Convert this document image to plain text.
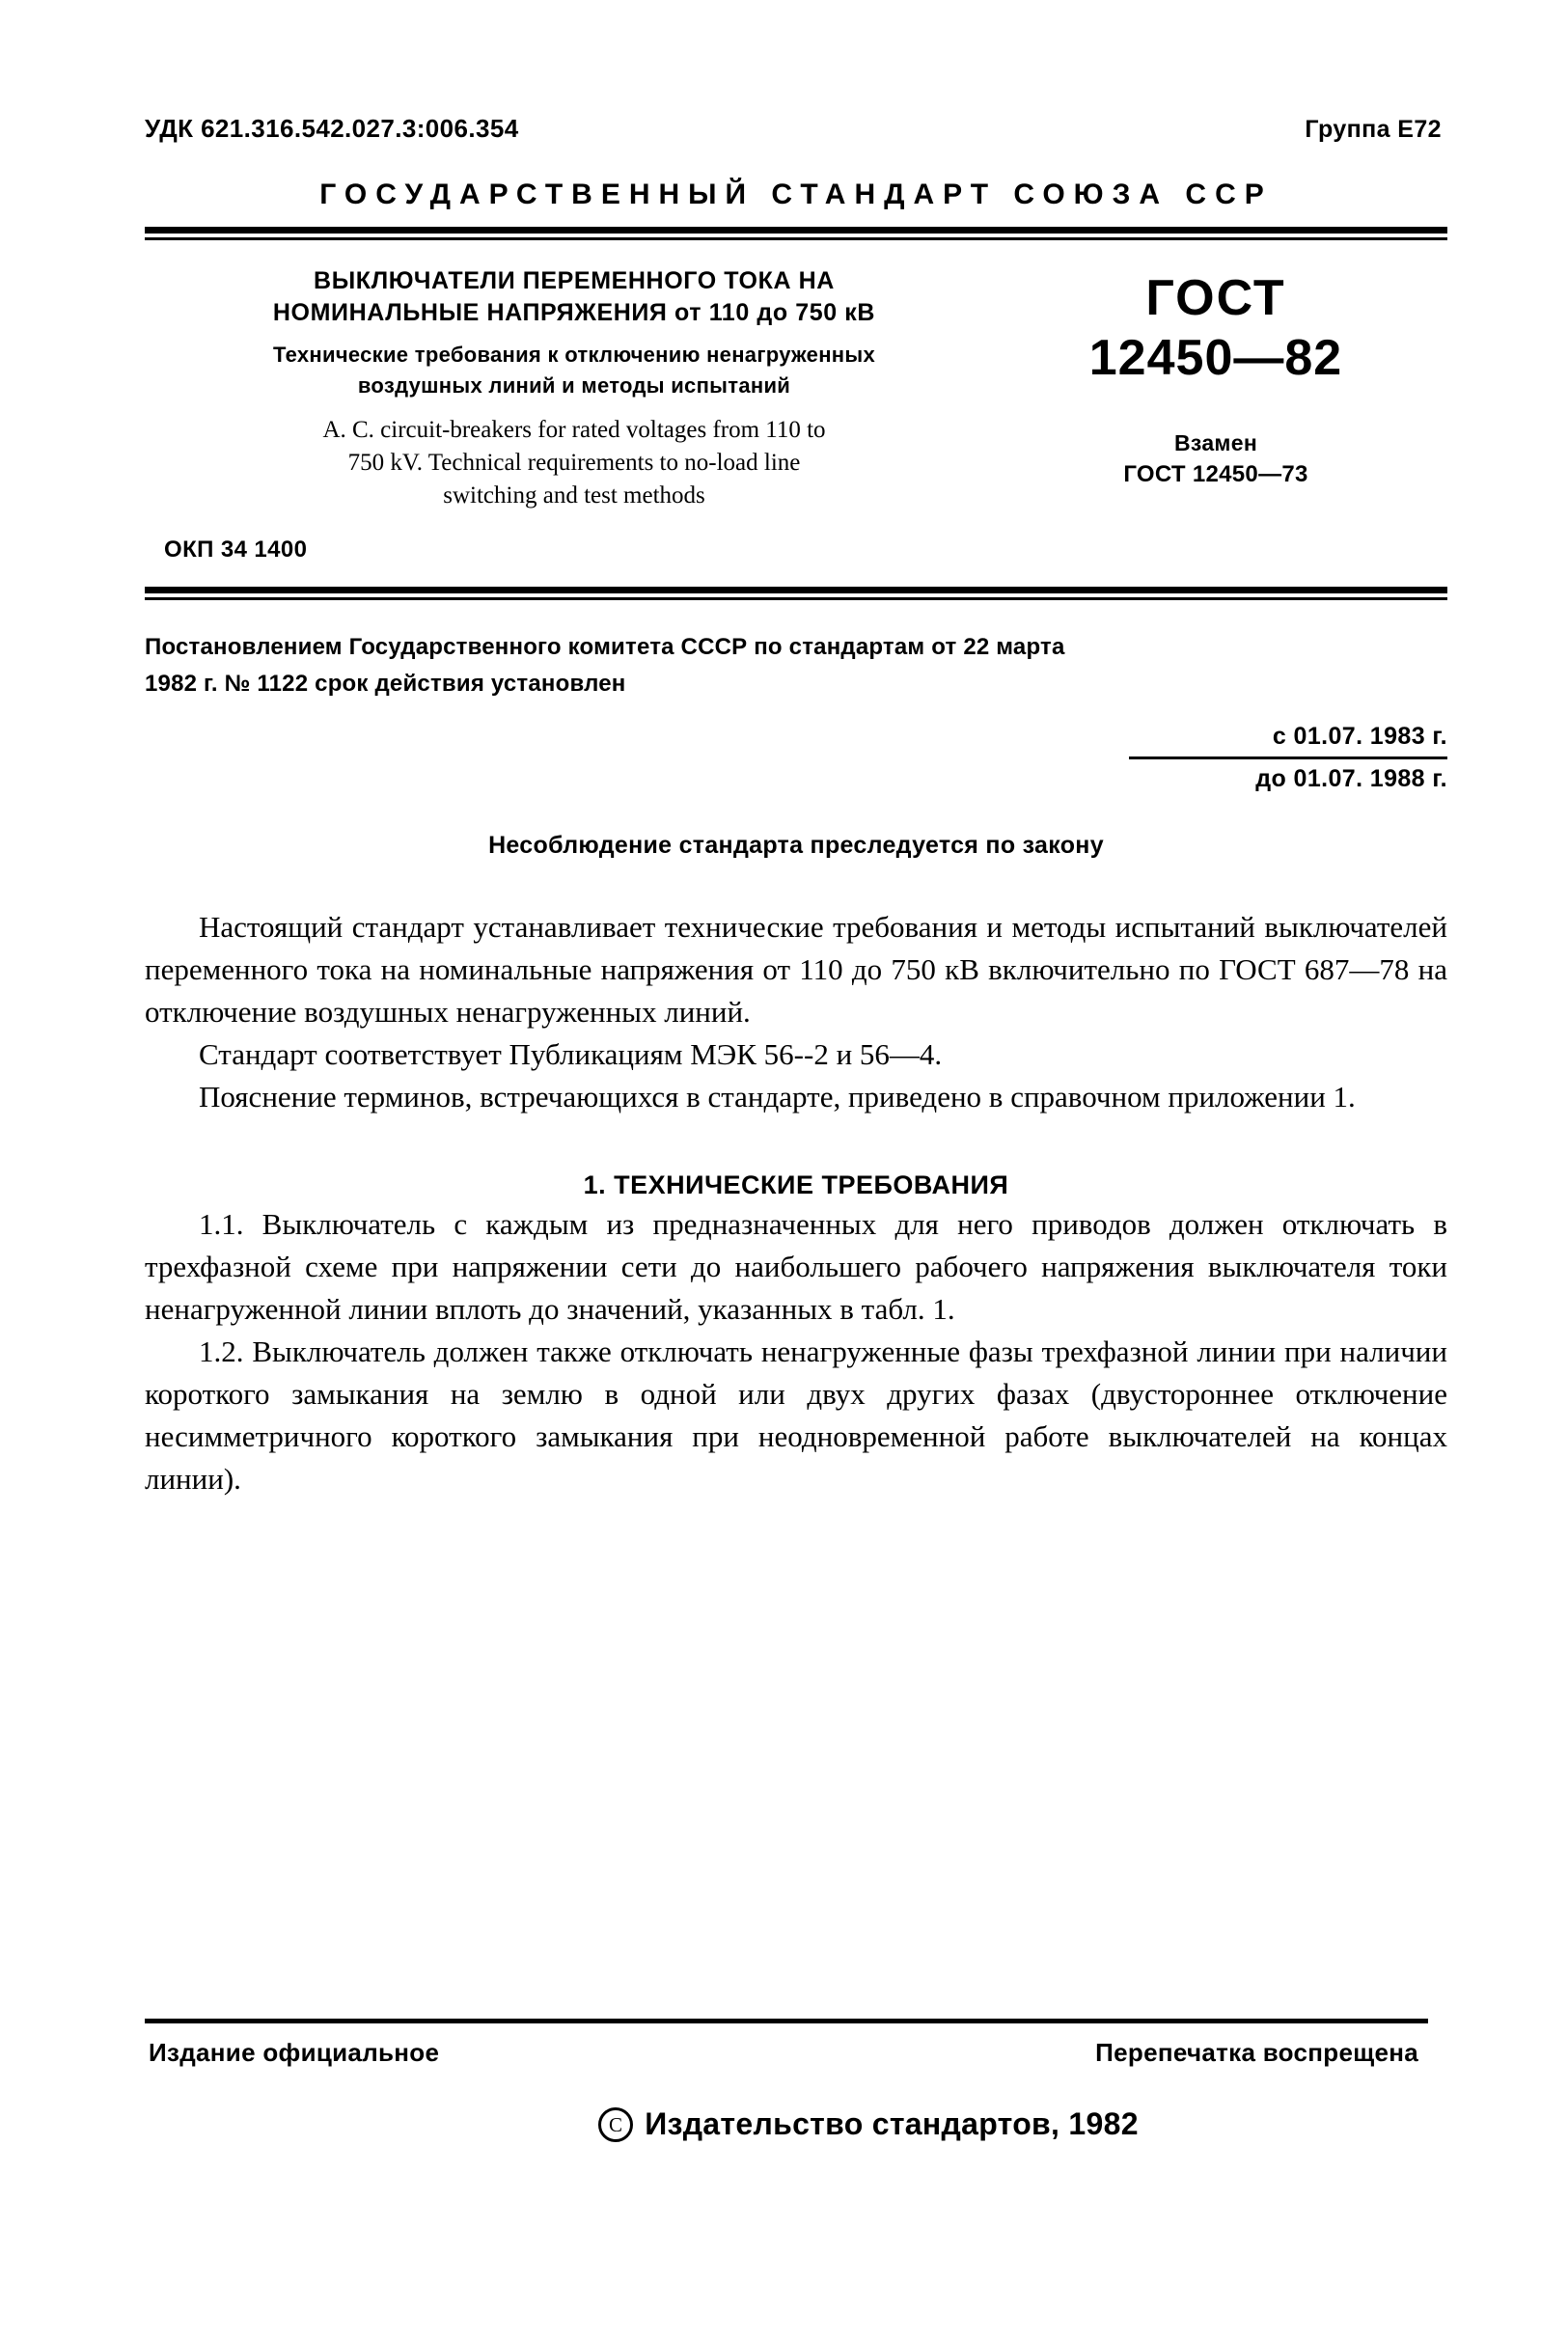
УДК 621.316.542.027.3:006.354	Группа Е72
ГОСУДАРСТВЕННЫЙ СТАНДАРТ СОЮЗА ССР
ВЫКЛЮЧАТЕЛИ ПЕРЕМЕННОГО ТОКА НА
НОМИНАЛЬНЫЕ НАПРЯЖЕНИЯ от 110 до 750 кВ
Технические требования к отключению ненагруженных
воздушных линий и методы испытаний
A. C. circuit-breakers for rated voltages from 110 to
750 kV. Technical requirements to no-load line
switching and test methods
ОКП 34 1400
ГОСТ
12450—82
Взамен
ГОСТ 12450—73
Постановлением Государственного комитета СССР по стандартам от 22 марта
1982 г. № 1122 срок действия установлен
с 01.07. 1983 г.
до 01.07. 1988 г.
Несоблюдение стандарта преследуется по закону

Настоящий стандарт устанавливает технические требования и методы испытаний выключателей переменного тока на номинальные напряжения от 110 до 750 кВ включительно по ГОСТ 687—78 на отключение воздушных ненагруженных линий.

Стандарт соответствует Публикациям МЭК 56--2 и 56—4.

Пояснение терминов, встречающихся в стандарте, приведено в справочном приложении 1.

1. ТЕХНИЧЕСКИЕ ТРЕБОВАНИЯ

1.1. Выключатель с каждым из предназначенных для него приводов должен отключать в трехфазной схеме при напряжении сети до наибольшего рабочего напряжения выключателя токи ненагруженной линии вплоть до значений, указанных в табл. 1.

1.2. Выключатель должен также отключать ненагруженные фазы трехфазной линии при наличии короткого замыкания на землю в одной или двух других фазах (двустороннее отключение несимметричного короткого замыкания при неодновременной работе выключателей на концах линии).

Издание официальное	Перепечатка воспрещена
C Издательство стандартов, 1982
